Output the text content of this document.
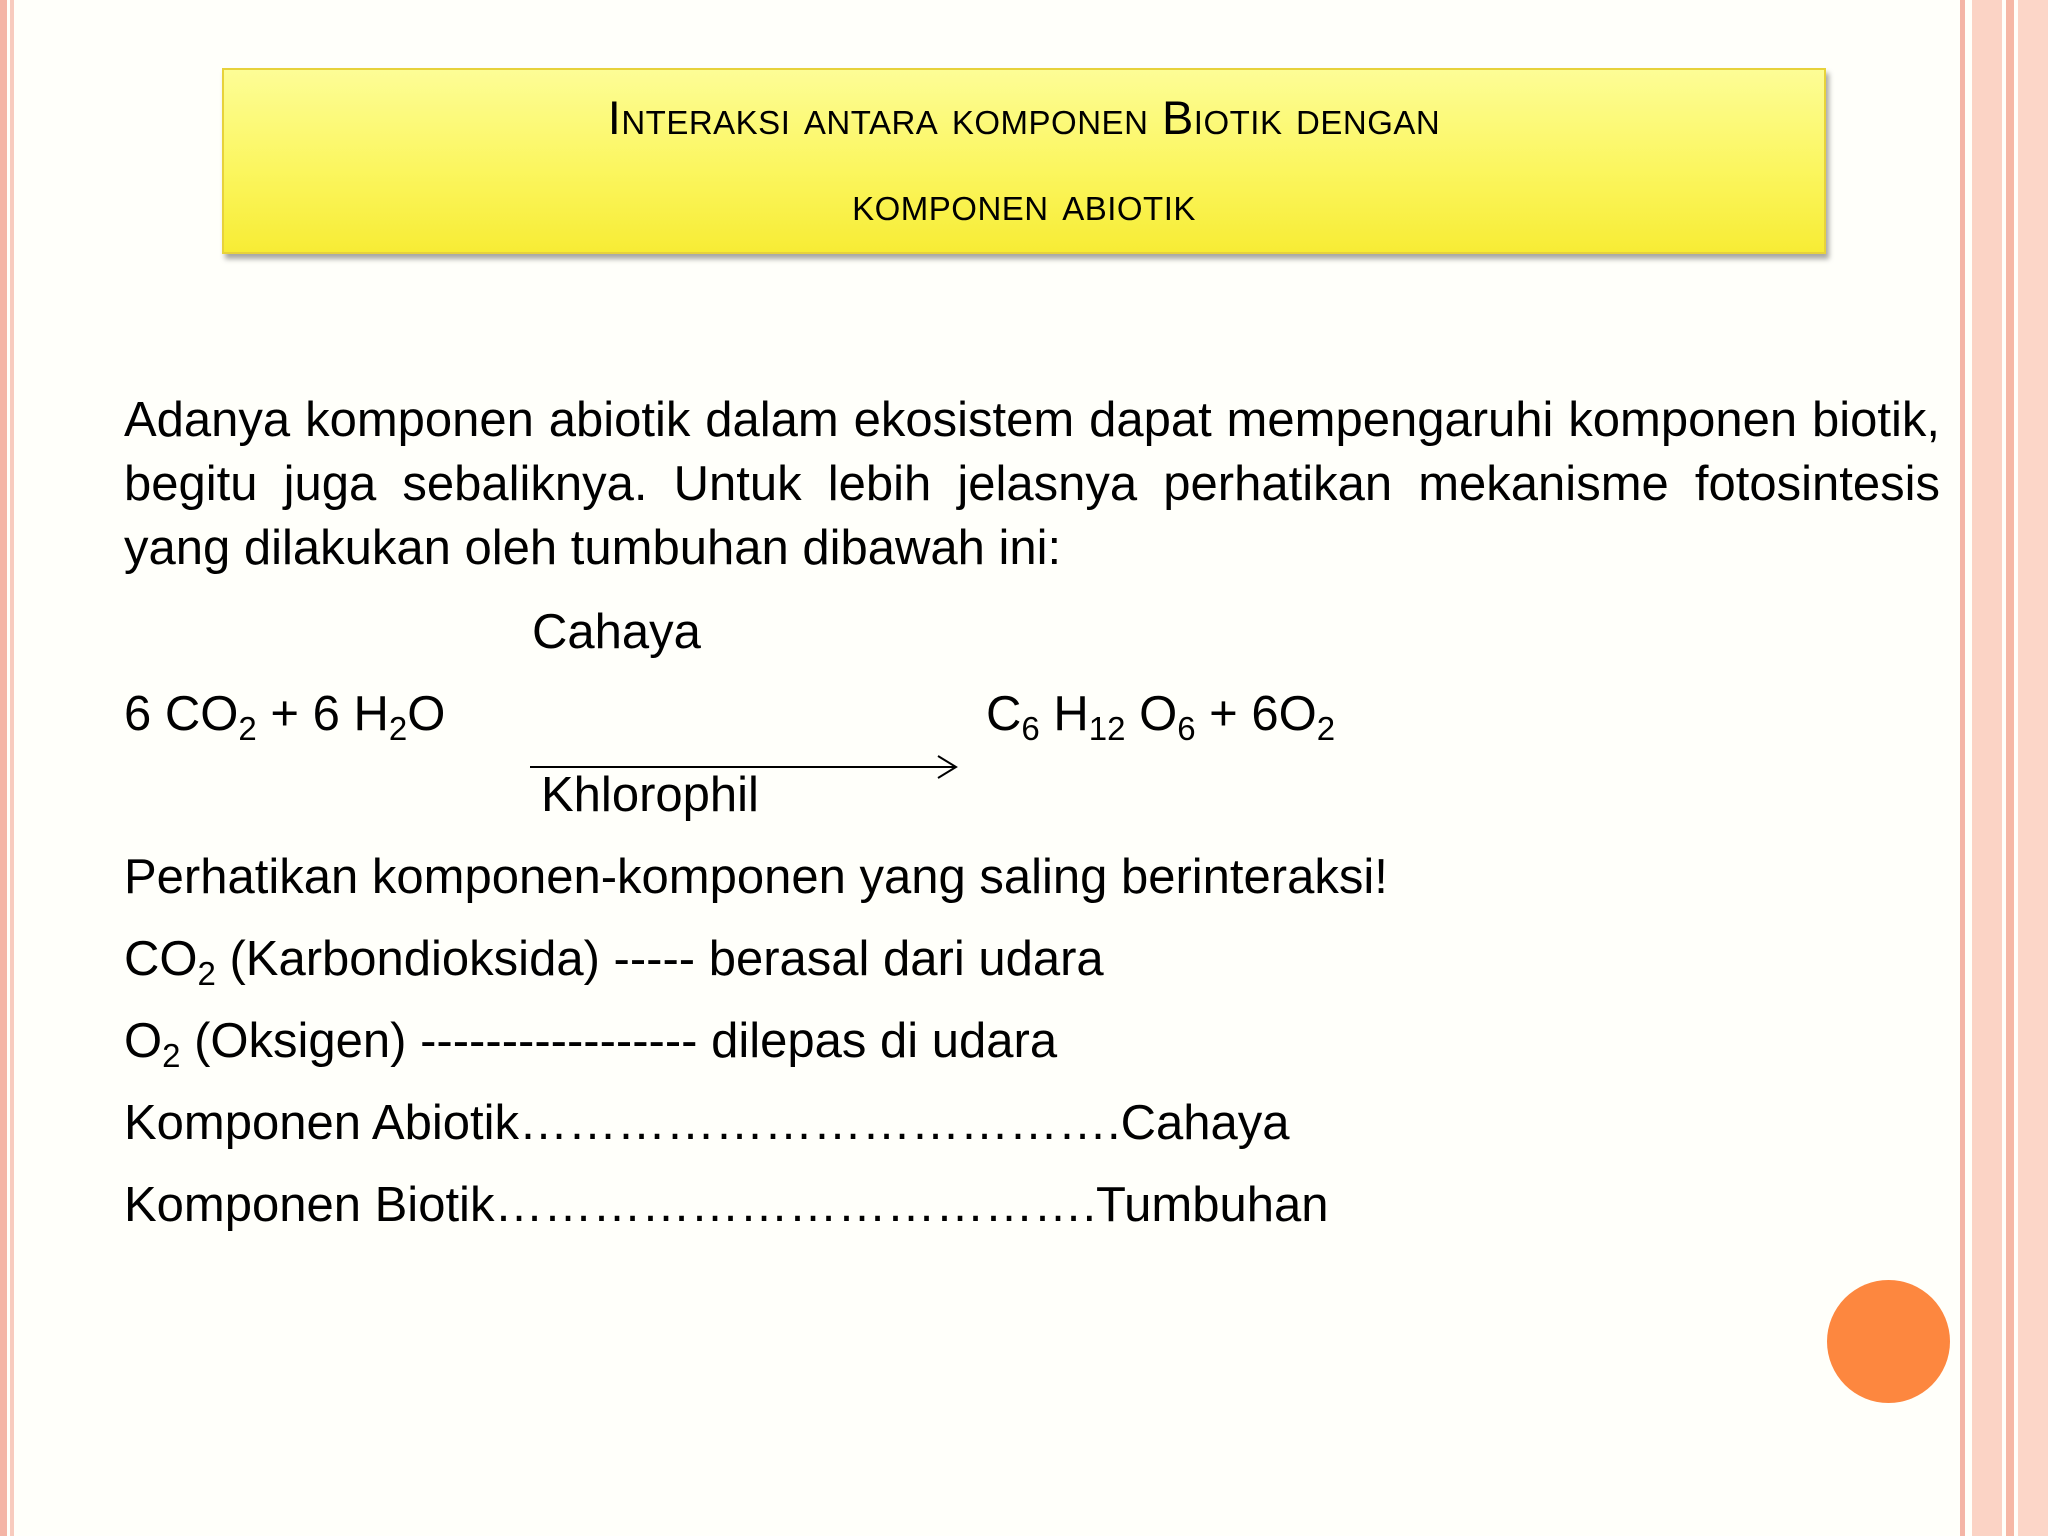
Interaksi antara komponen Biotik dengan
komponen abiotik
Adanya komponen abiotik dalam ekosistem dapat mempengaruhi komponen biotik, begitu juga sebaliknya. Untuk lebih jelasnya perhatikan mekanisme fotosintesis yang dilakukan oleh tumbuhan dibawah ini:
Cahaya
6 $CO_2 + 6$ $H_2O$	$C_6$ $H_{12}$ $O_6 + 6O_2$
Khlorophil
Perhatikan komponen-komponen yang saling berinteraksi!
$CO_2$ (Karbondioksida) ----- berasal dari udara
$O_2$ (Oksigen) ----------------- dilepas di udara
Komponen Abiotik……………………………….Cahaya
Komponen Biotik……………………………….Tumbuhan
